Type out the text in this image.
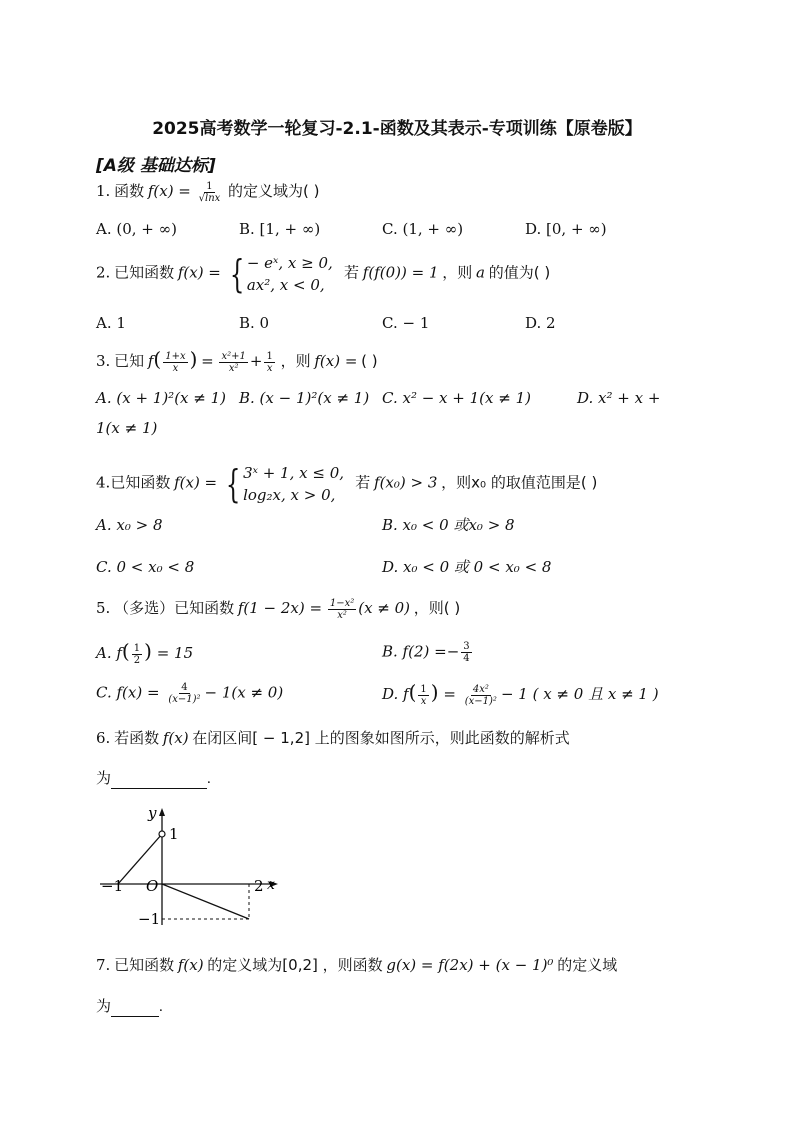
2025高考数学一轮复习-2.1-函数及其表示-专项训练【原卷版】
[A级 基础达标]
1. 函数 $f(x) = \frac{1}{√\ln x}$ 的定义域为( )
A. (0, + ∞)	B. [1, + ∞)	C. (1, + ∞)	D. [0, + ∞)
2. 已知函数 f(x) = { − eˣ, x ≥ 0,
ax², x < 0,
若 f(f(0)) = 1 ，则 a 的值为( )
A. 1	B. 0	C. − 1	D. 2
3. 已知 $f( \frac{1+x}{x}$ ) = $\frac{\text{x²+1}}{\text{x²}} + \frac{1}{x}$ ，则 f(x) = ( )
A. (x + 1)²(x ≠ 1) B. (x − 1)²(x ≠ 1) C. x² − x + 1(x ≠ 1)	D. x² + x +
1(x ≠ 1)
4.已知函数 f(x) = { 3ˣ + 1, x ≤ 0,
log₂x, x > 0,
若 f(x₀) > 3 ，则x₀ 的取值范围是( )
A. x₀ > 8	B. x₀ < 0 或x₀ > 8
C. 0 < x₀ < 8	D. x₀ < 0 或 0 < x₀ < 8
5. （多选）已知函数 $f(1 - 2x) = \frac{\text{1−x²}}{\text{x²}} (x \ne 0)$ ，则( )
A. $f( \frac{1}{2}$ ) = 15	B. $f(2) =- \frac{3}{4}$
C. $f(x) = \frac{4}{\text{(x−1)²}} - 1(x \ne 0)$	D. $f( \frac{1}{x}$ ) = $\frac{\text{4x²}}{\text{(x−1)²}} - 1$ ( x ≠ 0 且 x ≠ 1 )
6. 若函数 f(x) 在闭区间[ − 1,2] 上的图象如图所示，则此函数的解析式
为	.
y
1
−1 O	2 x
−1
7. 已知函数 f(x) 的定义域为[0,2] ，则函数 g(x) = f(2x) + (x − 1)⁰ 的定义域
为	.
